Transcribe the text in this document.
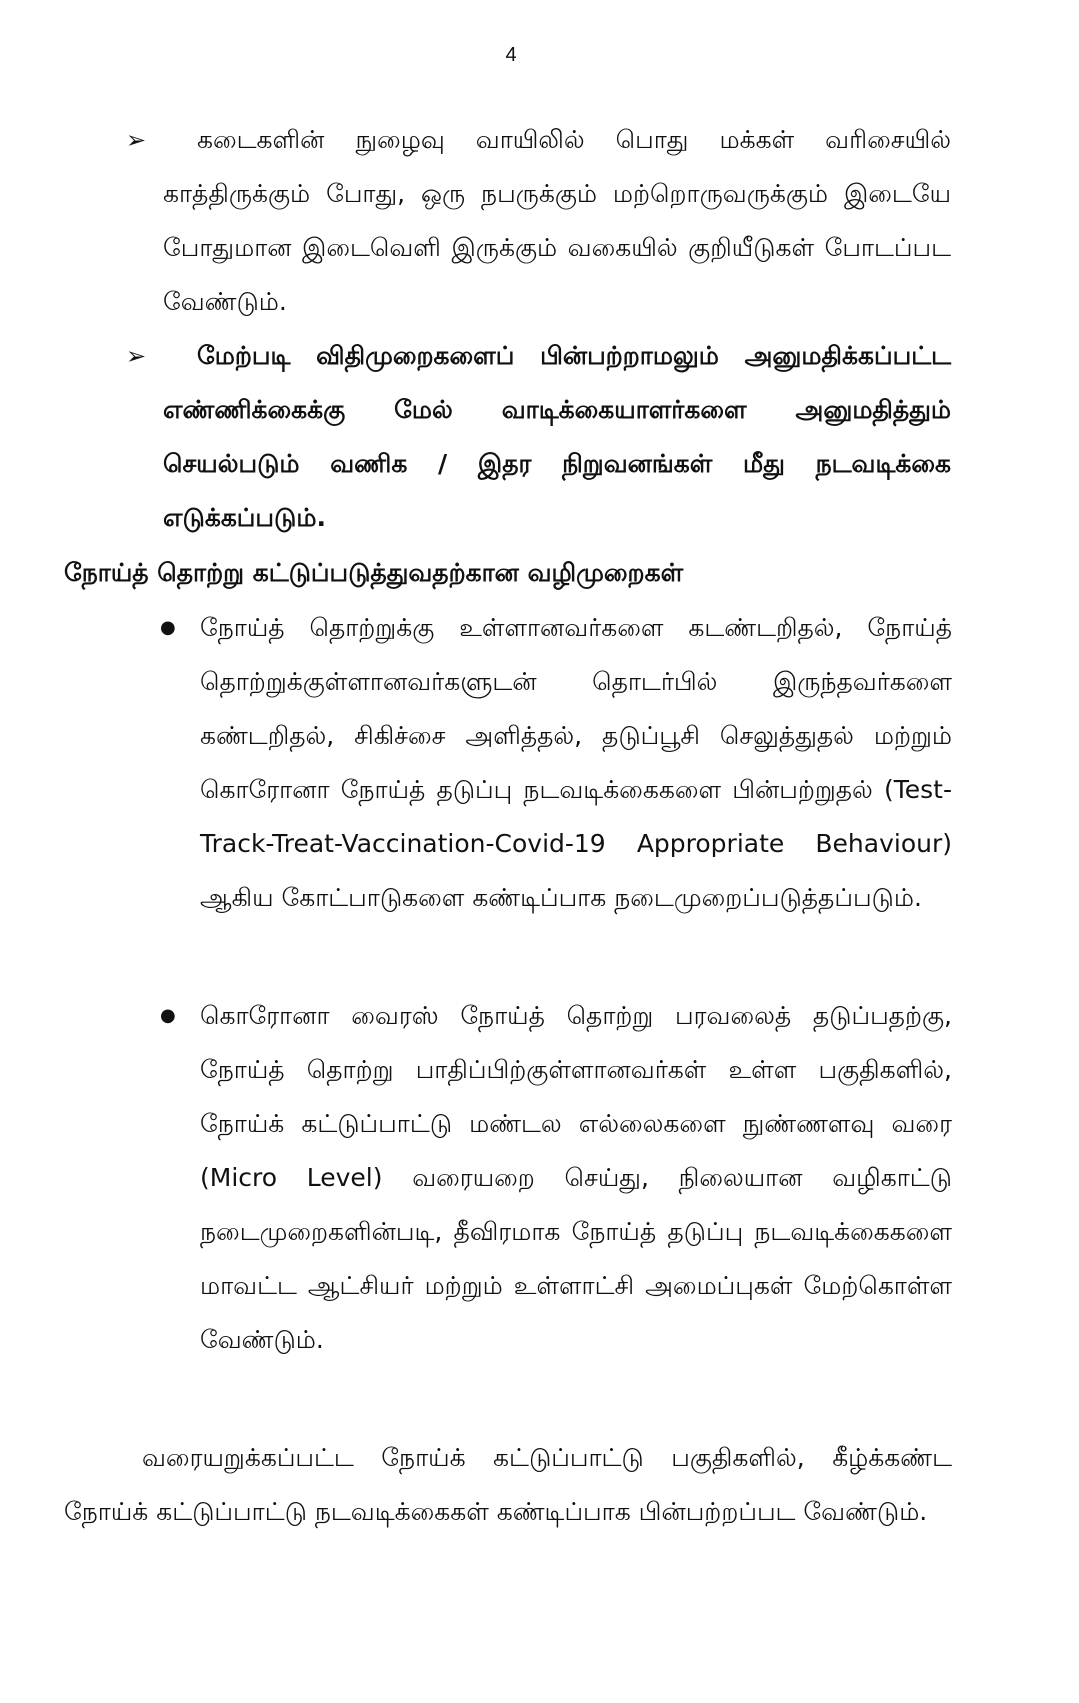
4
➢	கடைகளின் நுழைவு வாயிலில் பொது மக்கள் வரிசையில் காத்திருக்கும் போது, ஒரு நபருக்கும் மற்றொருவருக்கும் இடையே போதுமான இடைவெளி இருக்கும் வகையில் குறியீடுகள் போடப்பட வேண்டும்.

➢	மேற்படி விதிமுறைகளைப் பின்பற்றாமலும் அனுமதிக்கப்பட்ட எண்ணிக்கைக்கு மேல் வாடிக்கையாளர்களை அனுமதித்தும் செயல்படும் வணிக / இதர நிறுவனங்கள் மீது நடவடிக்கை எடுக்கப்படும்.

நோய்த் தொற்று கட்டுப்படுத்துவதற்கான வழிமுறைகள்
● நோய்த் தொற்றுக்கு உள்ளானவர்களை கடண்டறிதல், நோய்த் தொற்றுக்குள்ளானவர்களுடன் தொடர்பில் இருந்தவர்களை கண்டறிதல், சிகிச்சை அளித்தல், தடுப்பூசி செலுத்துதல் மற்றும் கொரோனா நோய்த் தடுப்பு நடவடிக்கைகளை பின்பற்றுதல் (Test-Track-Treat-Vaccination-Covid-19 Appropriate Behaviour) ஆகிய கோட்பாடுகளை கண்டிப்பாக நடைமுறைப்படுத்தப்படும்.

● கொரோனா வைரஸ் நோய்த் தொற்று பரவலைத் தடுப்பதற்கு, நோய்த் தொற்று பாதிப்பிற்குள்ளானவர்கள் உள்ள பகுதிகளில், நோய்க் கட்டுப்பாட்டு மண்டல எல்லைகளை நுண்ணளவு வரை (Micro Level) வரையறை செய்து, நிலையான வழிகாட்டு நடைமுறைகளின்படி, தீவிரமாக நோய்த் தடுப்பு நடவடிக்கைகளை மாவட்ட ஆட்சியர் மற்றும் உள்ளாட்சி அமைப்புகள் மேற்கொள்ள வேண்டும்.

வரையறுக்கப்பட்ட நோய்க் கட்டுப்பாட்டு பகுதிகளில், கீழ்க்கண்ட நோய்க் கட்டுப்பாட்டு நடவடிக்கைகள் கண்டிப்பாக பின்பற்றப்பட வேண்டும்.
